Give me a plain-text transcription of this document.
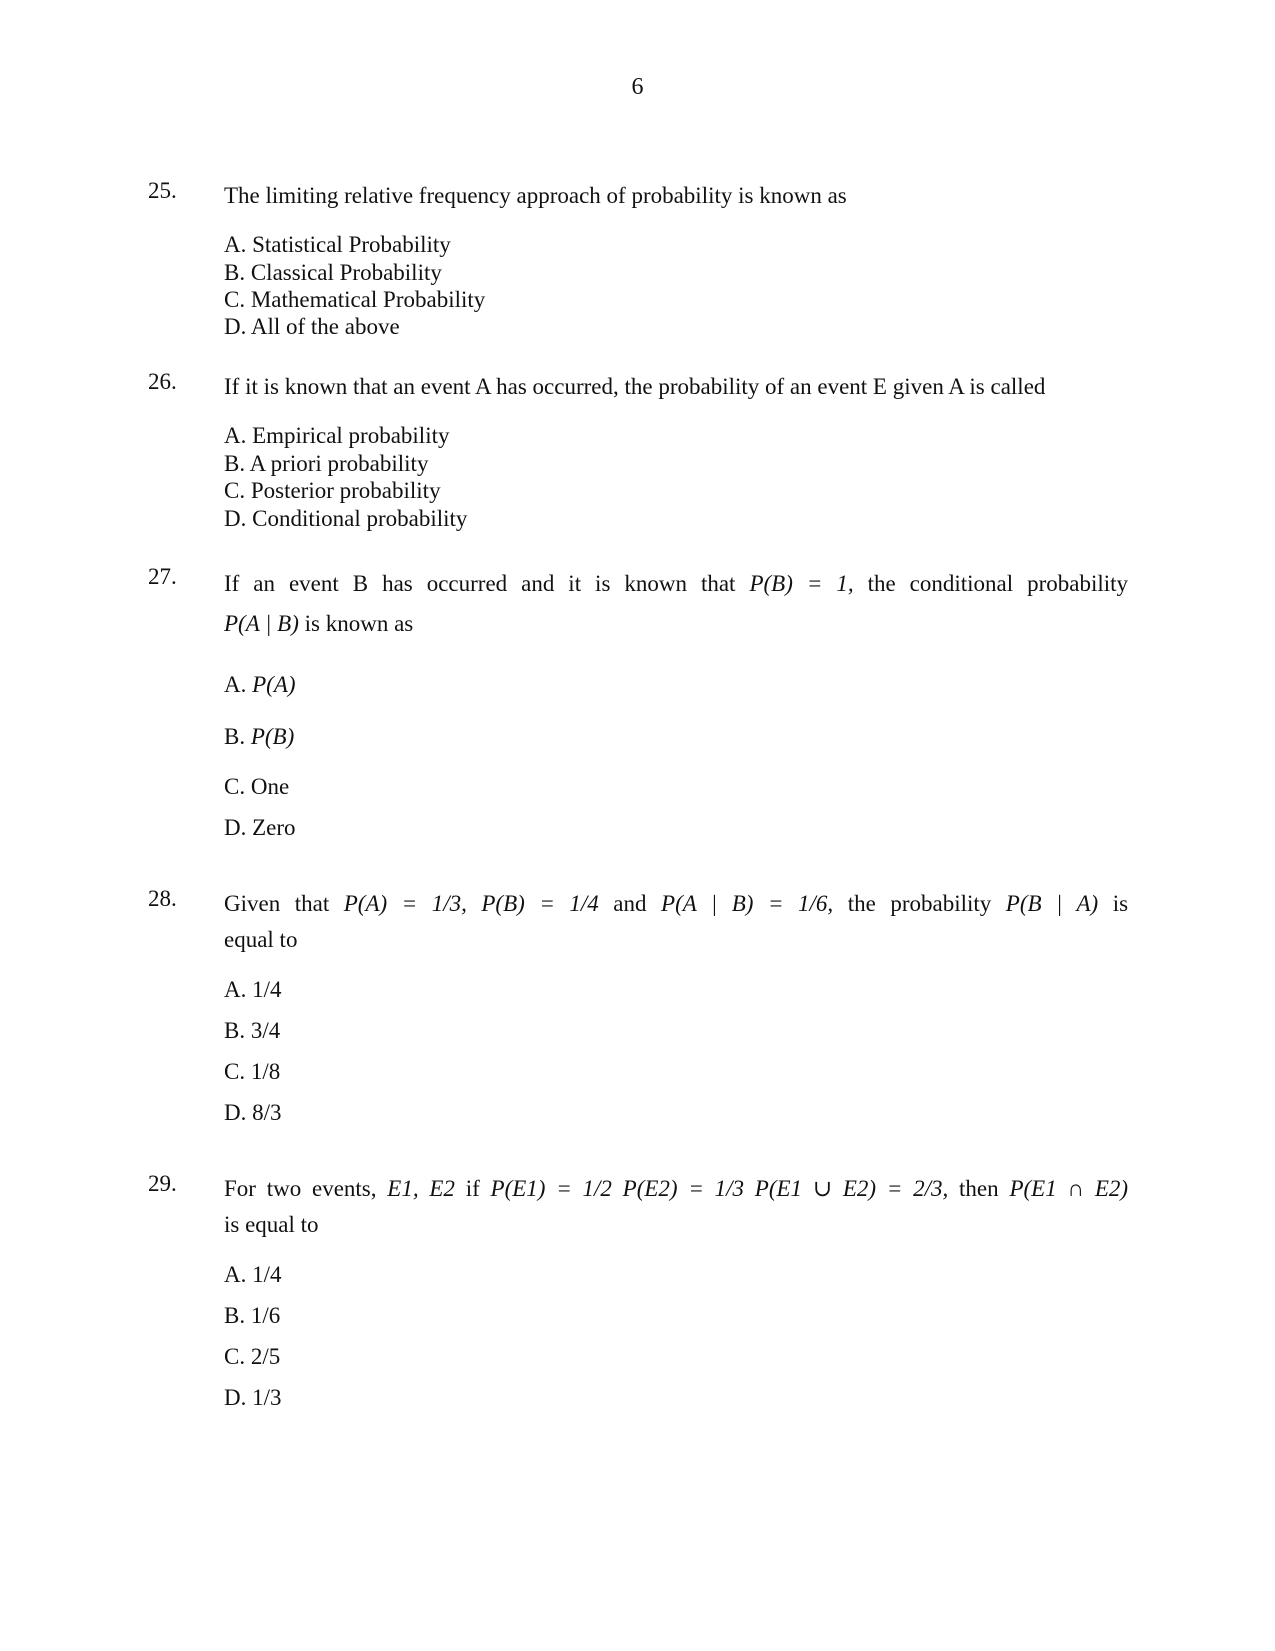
6
25. The limiting relative frequency approach of probability is known as
A. Statistical Probability
B. Classical Probability
C. Mathematical Probability
D. All of the above
26. If it is known that an event A has occurred, the probability of an event E given A is called
A. Empirical probability
B. A priori probability
C. Posterior probability
D. Conditional probability
27. If an event B has occurred and it is known that P(B) = 1, the conditional probability
P(A | B) is known as
A. P(A)
B. P(B)
C. One
D. Zero
28. Given that P(A) = 1/3, P(B) = 1/4 and P(A | B) = 1/6, the probability P(B | A) is
equal to
A. 1/4
B. 3/4
C. 1/8
D. 8/3
29. For two events, E1, E2 if P(E1) = 1/2 P(E2) = 1/3 P(E1 ∪ E2) = 2/3, then P(E1 ∩ E2)
is equal to
A. 1/4
B. 1/6
C. 2/5
D. 1/3
